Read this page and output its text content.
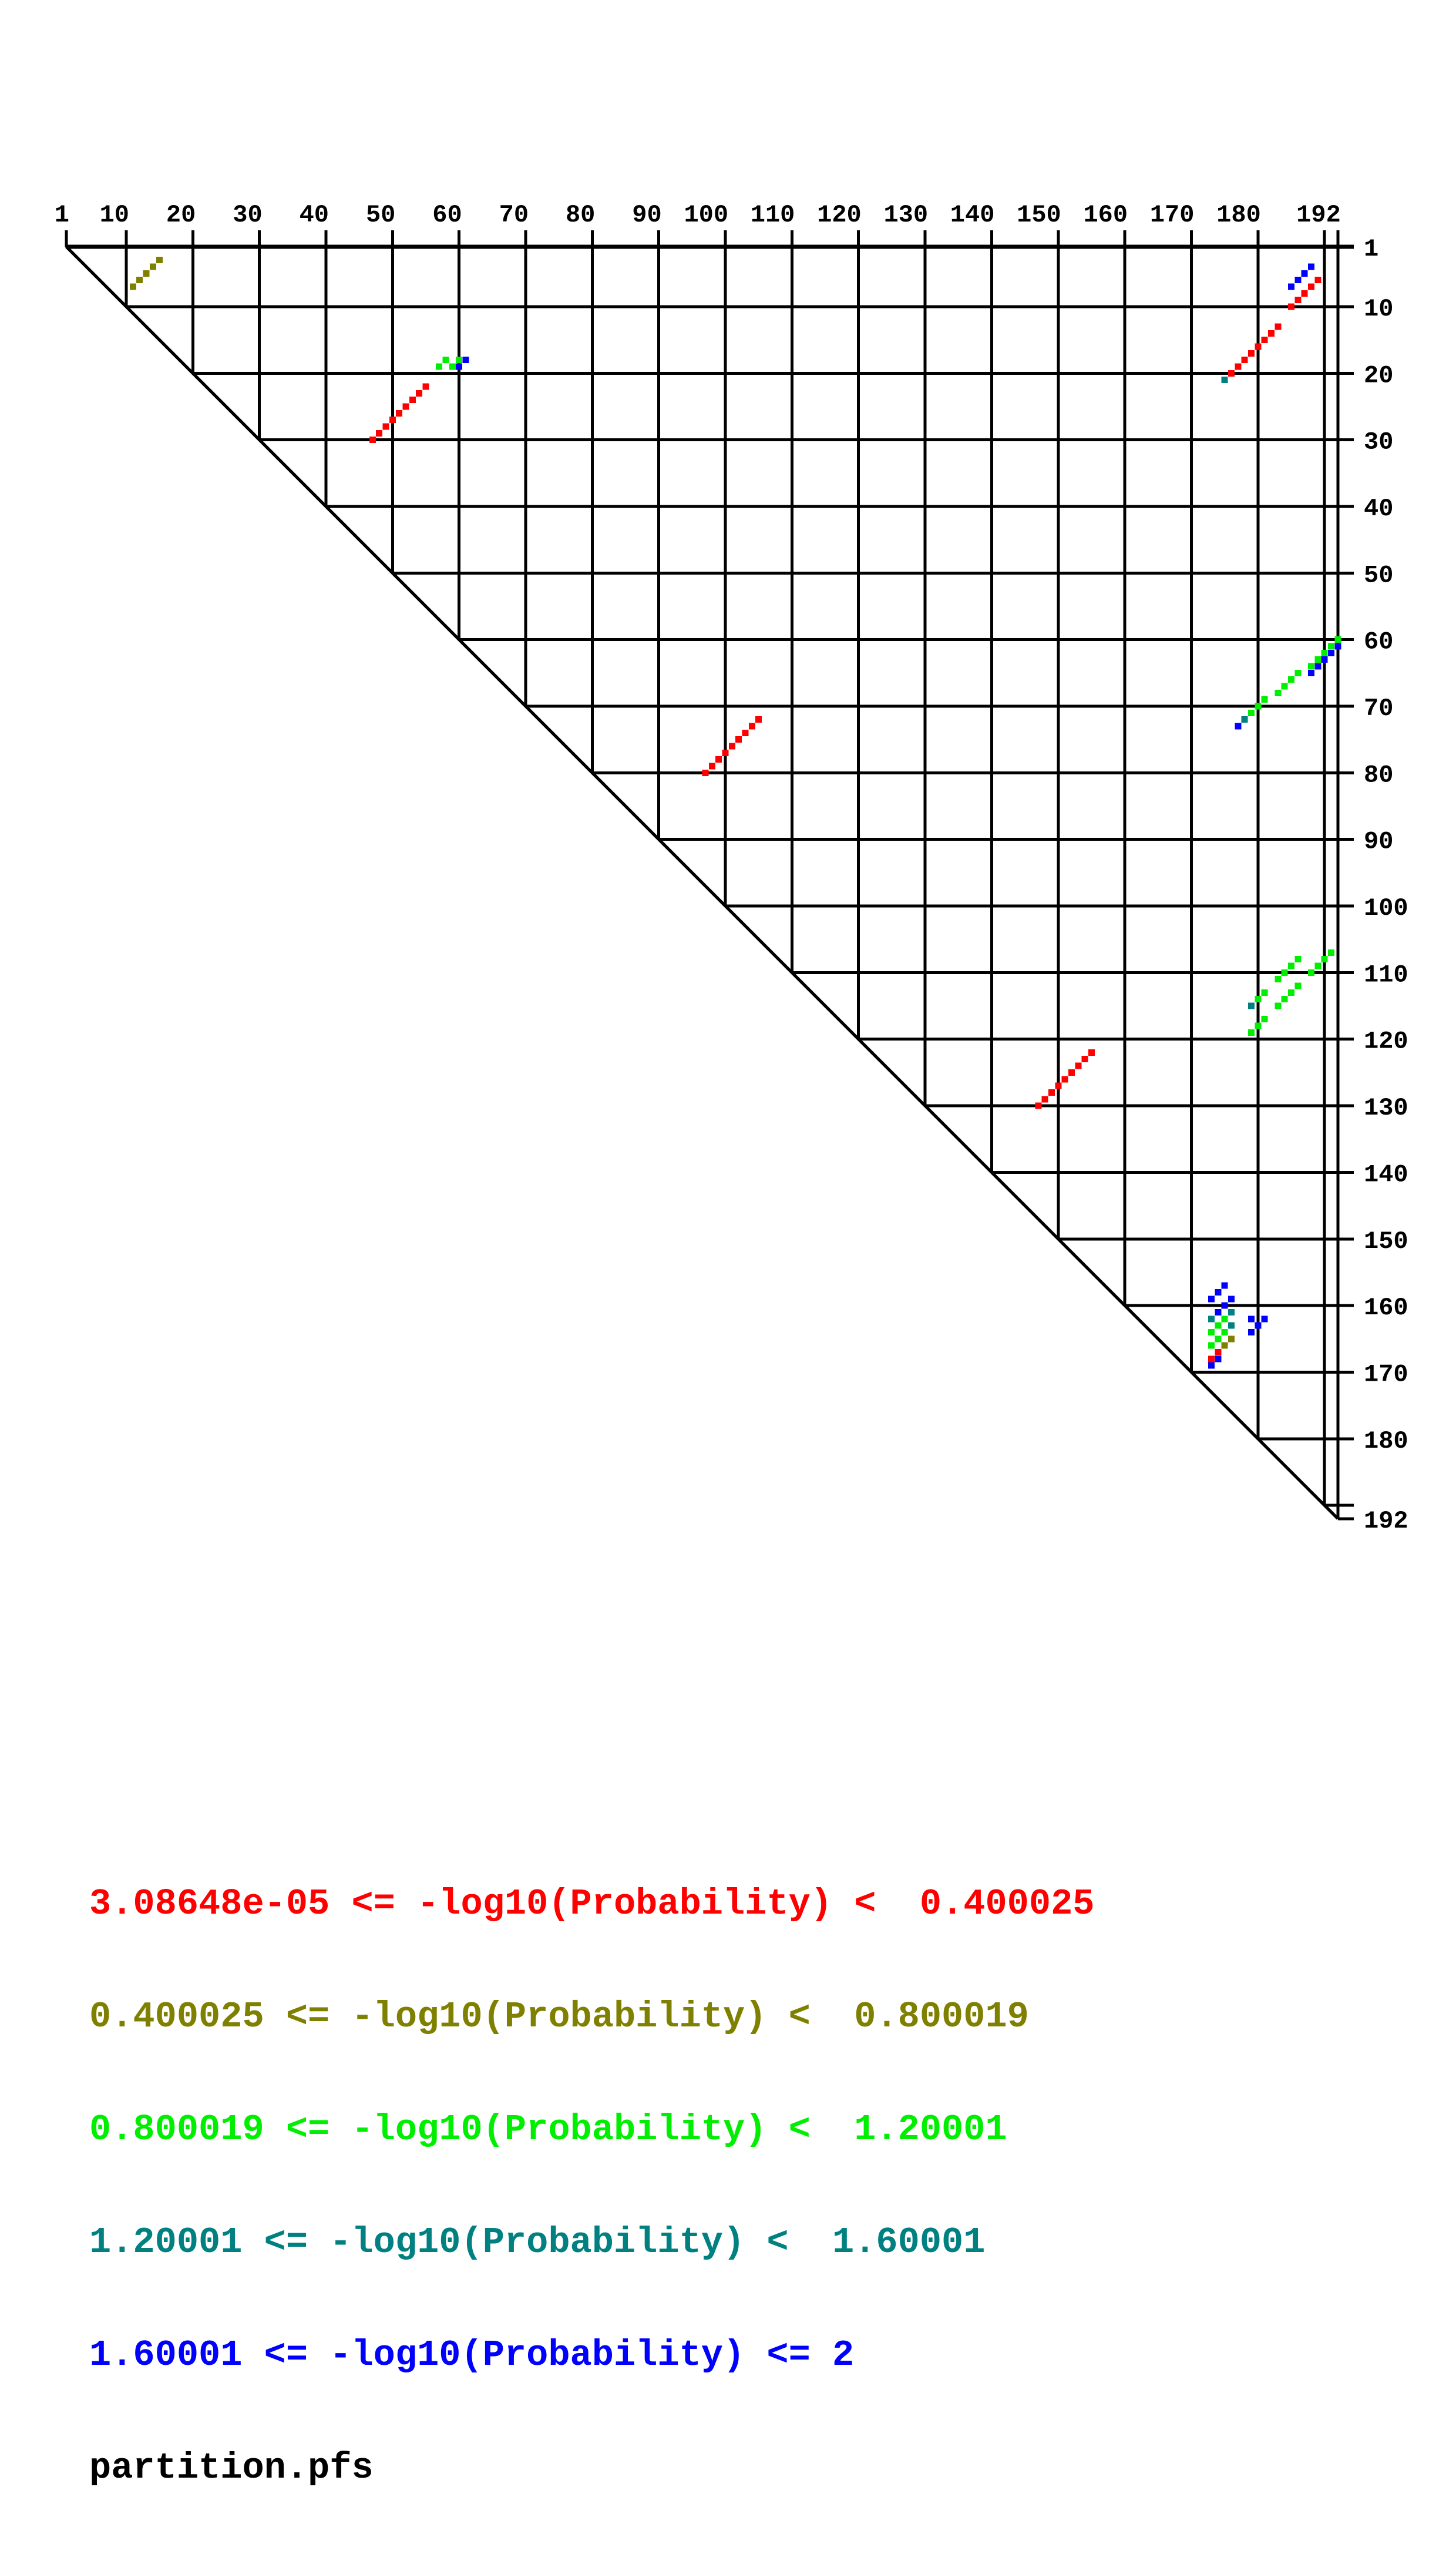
1
1
10
10
20
20
30
30
40
40
50
50
60
60
70
70
80
80
90
90
100
100
110
110
120
120
130
130
140
140
150
150
160
160
170
170
180
180
192
192

3.08648e-05 <= -log10(Probability) <  0.400025

0.400025 <= -log10(Probability) <  0.800019

0.800019 <= -log10(Probability) <  1.20001

1.20001 <= -log10(Probability) <  1.60001

1.60001 <= -log10(Probability) <= 2

partition.pfs
